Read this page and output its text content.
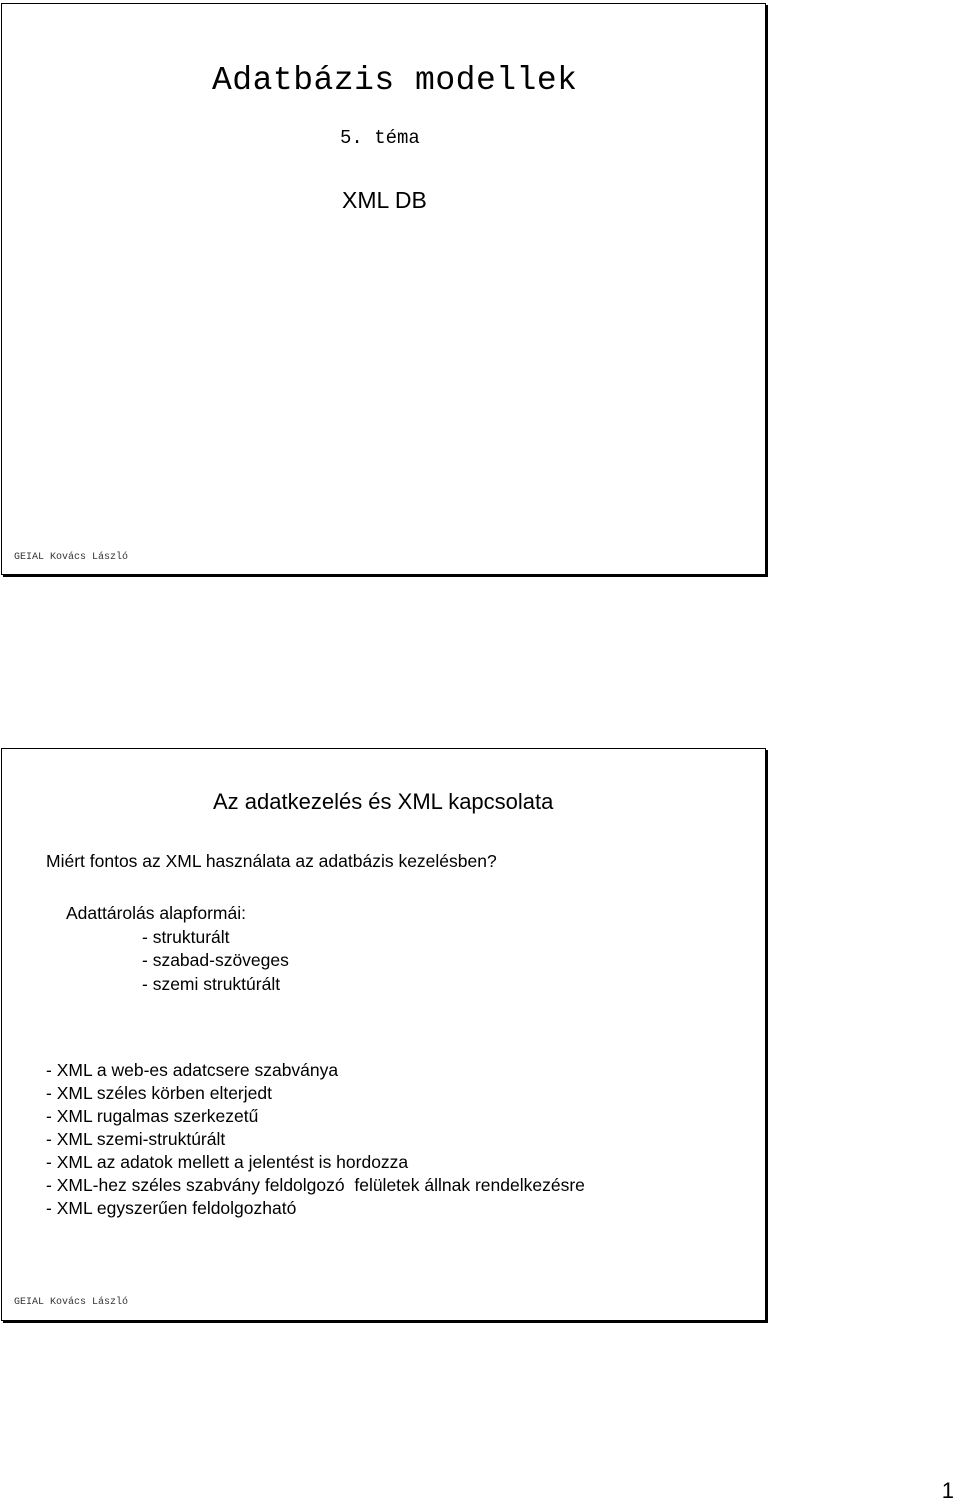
Adatbázis modellek
5. téma
XML DB
GEIAL Kovács László
Az adatkezelés és XML kapcsolata
Miért fontos az XML használata az adatbázis kezelésben?
Adattárolás alapformái:
- strukturált
- szabad-szöveges
- szemi struktúrált
- XML a web-es adatcsere szabványa
- XML széles körben elterjedt
- XML rugalmas szerkezetű
- XML szemi-struktúrált
- XML az adatok mellett a jelentést is hordozza
- XML-hez széles szabvány feldolgozó  felületek állnak rendelkezésre
- XML egyszerűen feldolgozható
GEIAL Kovács László
1
